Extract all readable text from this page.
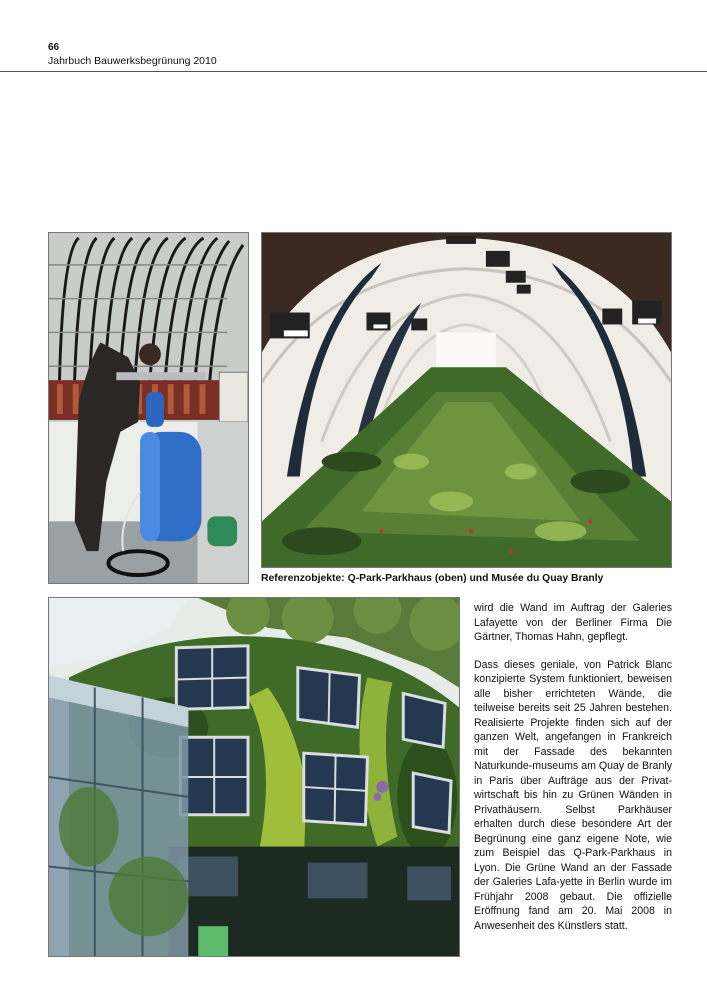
66
Jahrbuch Bauwerksbegrünung 2010
Referenzobjekte: Q-Park-Parkhaus (oben) und Musée du Quay Branly

wird die Wand im Auftrag der Galeries Lafayette von der Berliner Firma Die Gärtner, Thomas Hahn, gepflegt.

Dass dieses geniale, von Patrick Blanc konzipierte System funktioniert, beweisen alle bisher errichteten Wände, die teilweise bereits seit 25 Jahren bestehen. Realisierte Projekte finden sich auf der ganzen Welt, angefangen in Frankreich mit der Fassade des bekannten Naturkunde-museums am Quay de Branly in Paris über Aufträge aus der Privat-wirtschaft bis hin zu Grünen Wänden in Privathäusern. Selbst Parkhäuser erhalten durch diese besondere Art der Begrünung eine ganz eigene Note, wie zum Beispiel das Q-Park-Parkhaus in Lyon. Die Grüne Wand an der Fassade der Galeries Lafa-yette in Berlin wurde im Frühjahr 2008 gebaut. Die offizielle Eröffnung fand am 20. Mai 2008 in Anwesenheit des Künstlers statt.
